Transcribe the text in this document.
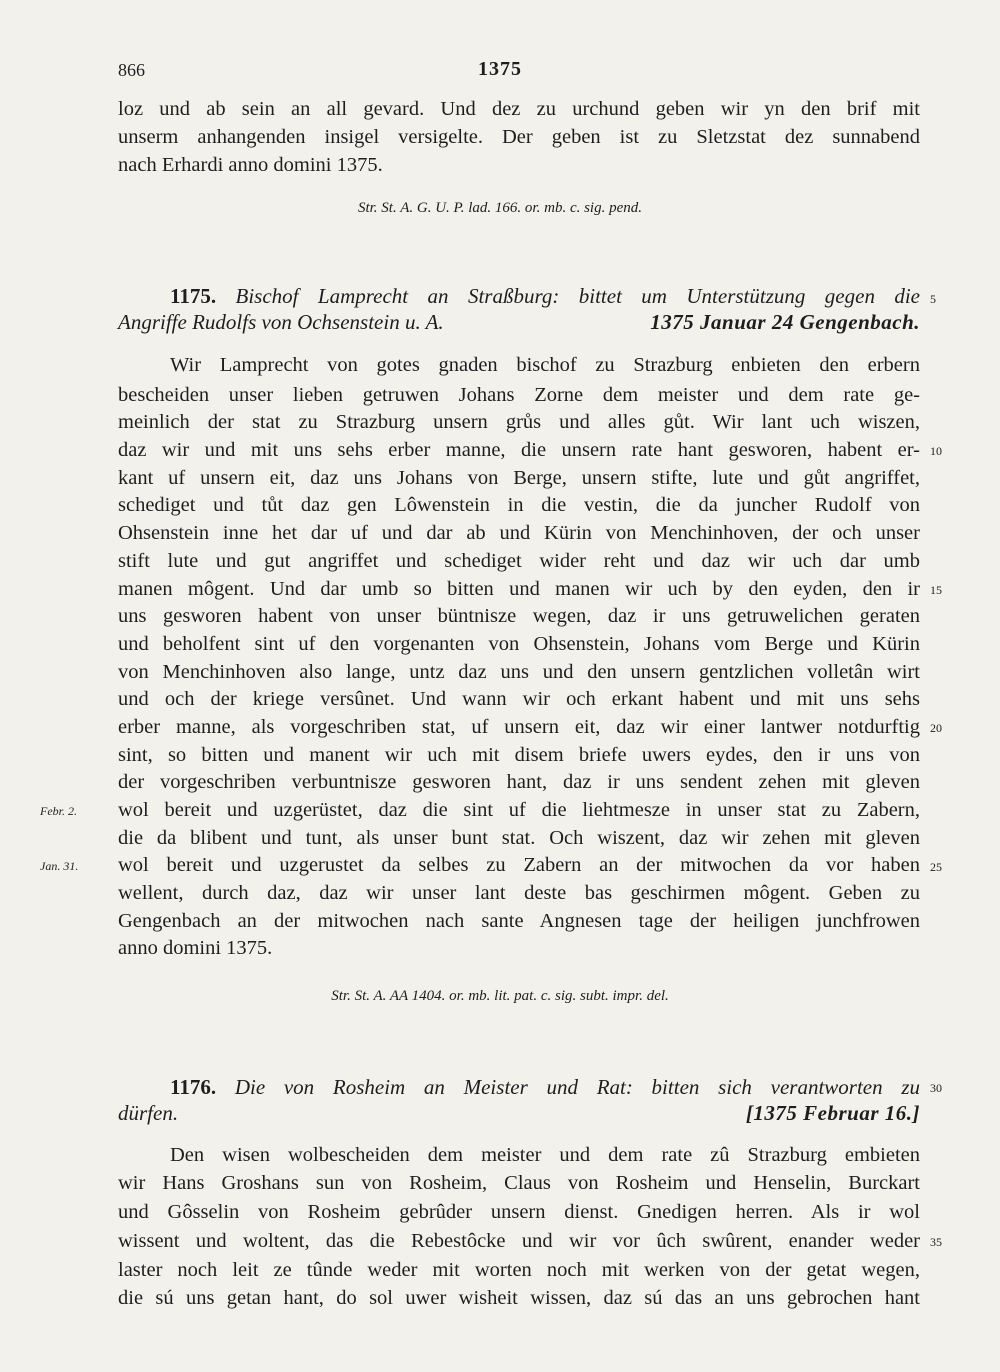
866	1375
loz und ab sein an all gevard. Und dez zu urchund geben wir yn den brif mit
unserm anhangenden insigel versigelte. Der geben ist zu Sletzstat dez sunnabend
nach Erhardi anno domini 1375.
Str. St. A. G. U. P. lad. 166. or. mb. c. sig. pend.
1175. Bischof Lamprecht an Straßburg: bittet um Unterstützung gegen die
Angriffe Rudolfs von Ochsenstein u. A.	1375 Januar 24 Gengenbach.
Wir Lamprecht von gotes gnaden bischof zu Strazburg enbieten den erbern
bescheiden unser lieben getruwen Johans Zorne dem meister und dem rate ge-
meinlich der stat zu Strazburg unsern grůs und alles gůt. Wir lant uch wiszen,
daz wir und mit uns sehs erber manne, die unsern rate hant gesworen, habent er-
kant uf unsern eit, daz uns Johans von Berge, unsern stifte, lute und gůt angriffet,
schediget und tůt daz gen Lôwenstein in die vestin, die da juncher Rudolf von
Ohsenstein inne het dar uf und dar ab und Kürin von Menchinhoven, der och unser
stift lute und gut angriffet und schediget wider reht und daz wir uch dar umb
manen môgent. Und dar umb so bitten und manen wir uch by den eyden, den ir
uns gesworen habent von unser büntnisze wegen, daz ir uns getruwelichen geraten
und beholfent sint uf den vorgenanten von Ohsenstein, Johans vom Berge und Kürin
von Menchinhoven also lange, untz daz uns und den unsern gentzlichen volletân wirt
und och der kriege versûnet. Und wann wir och erkant habent und mit uns sehs
erber manne, als vorgeschriben stat, uf unsern eit, daz wir einer lantwer notdurftig
sint, so bitten und manent wir uch mit disem briefe uwers eydes, den ir uns von
der vorgeschriben verbuntnisze gesworen hant, daz ir uns sendent zehen mit gleven
wol bereit und uzgerüstet, daz die sint uf die liehtmesze in unser stat zu Zabern,
die da blibent und tunt, als unser bunt stat. Och wiszent, daz wir zehen mit gleven
wol bereit und uzgerustet da selbes zu Zabern an der mitwochen da vor haben
wellent, durch daz, daz wir unser lant deste bas geschirmen môgent. Geben zu
Gengenbach an der mitwochen nach sante Angnesen tage der heiligen junchfrowen
anno domini 1375.
Str. St. A. AA 1404. or. mb. lit. pat. c. sig. subt. impr. del.
1176. Die von Rosheim an Meister und Rat: bitten sich verantworten zu
dürfen.	[1375 Februar 16.]
Den wisen wolbescheiden dem meister und dem rate zû Strazburg embieten
wir Hans Groshans sun von Rosheim, Claus von Rosheim und Henselin, Burckart
und Gôsselin von Rosheim gebrûder unsern dienst. Gnedigen herren. Als ir wol
wissent und woltent, das die Rebestôcke und wir vor ûch swûrent, enander weder
laster noch leit ze tûnde weder mit worten noch mit werken von der getat wegen,
die sú uns getan hant, do sol uwer wisheit wissen, daz sú das an uns gebrochen hant
5
10
15
20
25
30
35
Febr. 2.
Jan. 31.
